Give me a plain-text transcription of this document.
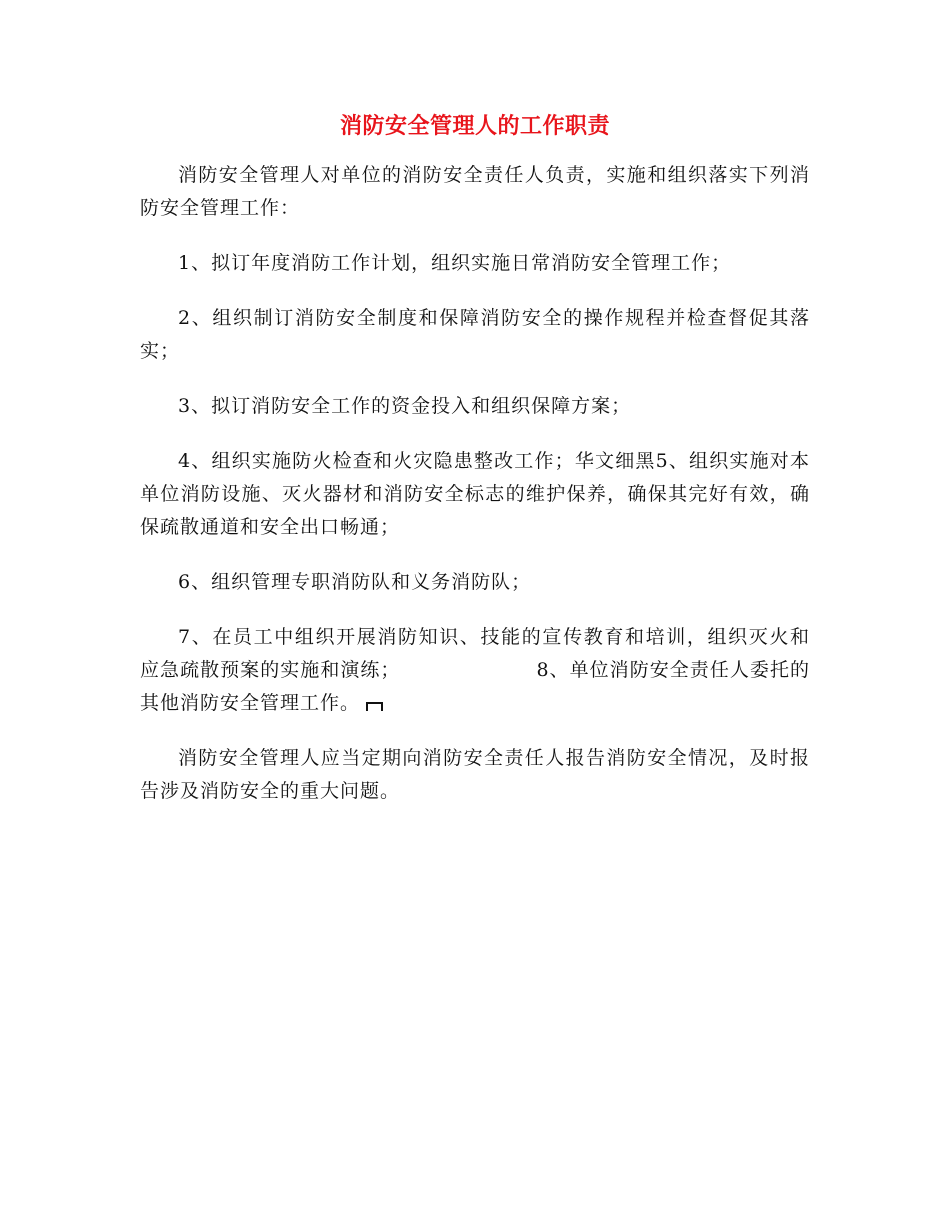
消防安全管理人的工作职责

消防安全管理人对单位的消防安全责任人负责，实施和组织落实下列消防安全管理工作：

1、拟订年度消防工作计划，组织实施日常消防安全管理工作；

2、组织制订消防安全制度和保障消防安全的操作规程并检查督促其落实；

3、拟订消防安全工作的资金投入和组织保障方案；

4、组织实施防火检查和火灾隐患整改工作；华文细黑5、组织实施对本单位消防设施、灭火器材和消防安全标志的维护保养，确保其完好有效，确保疏散通道和安全出口畅通；

6、组织管理专职消防队和义务消防队；

7、在员工中组织开展消防知识、技能的宣传教育和培训，组织灭火和应急疏散预案的实施和演练；	8、单位消防安全责任人委托的其他消防安全管理工作。

消防安全管理人应当定期向消防安全责任人报告消防安全情况，及时报告涉及消防安全的重大问题。
